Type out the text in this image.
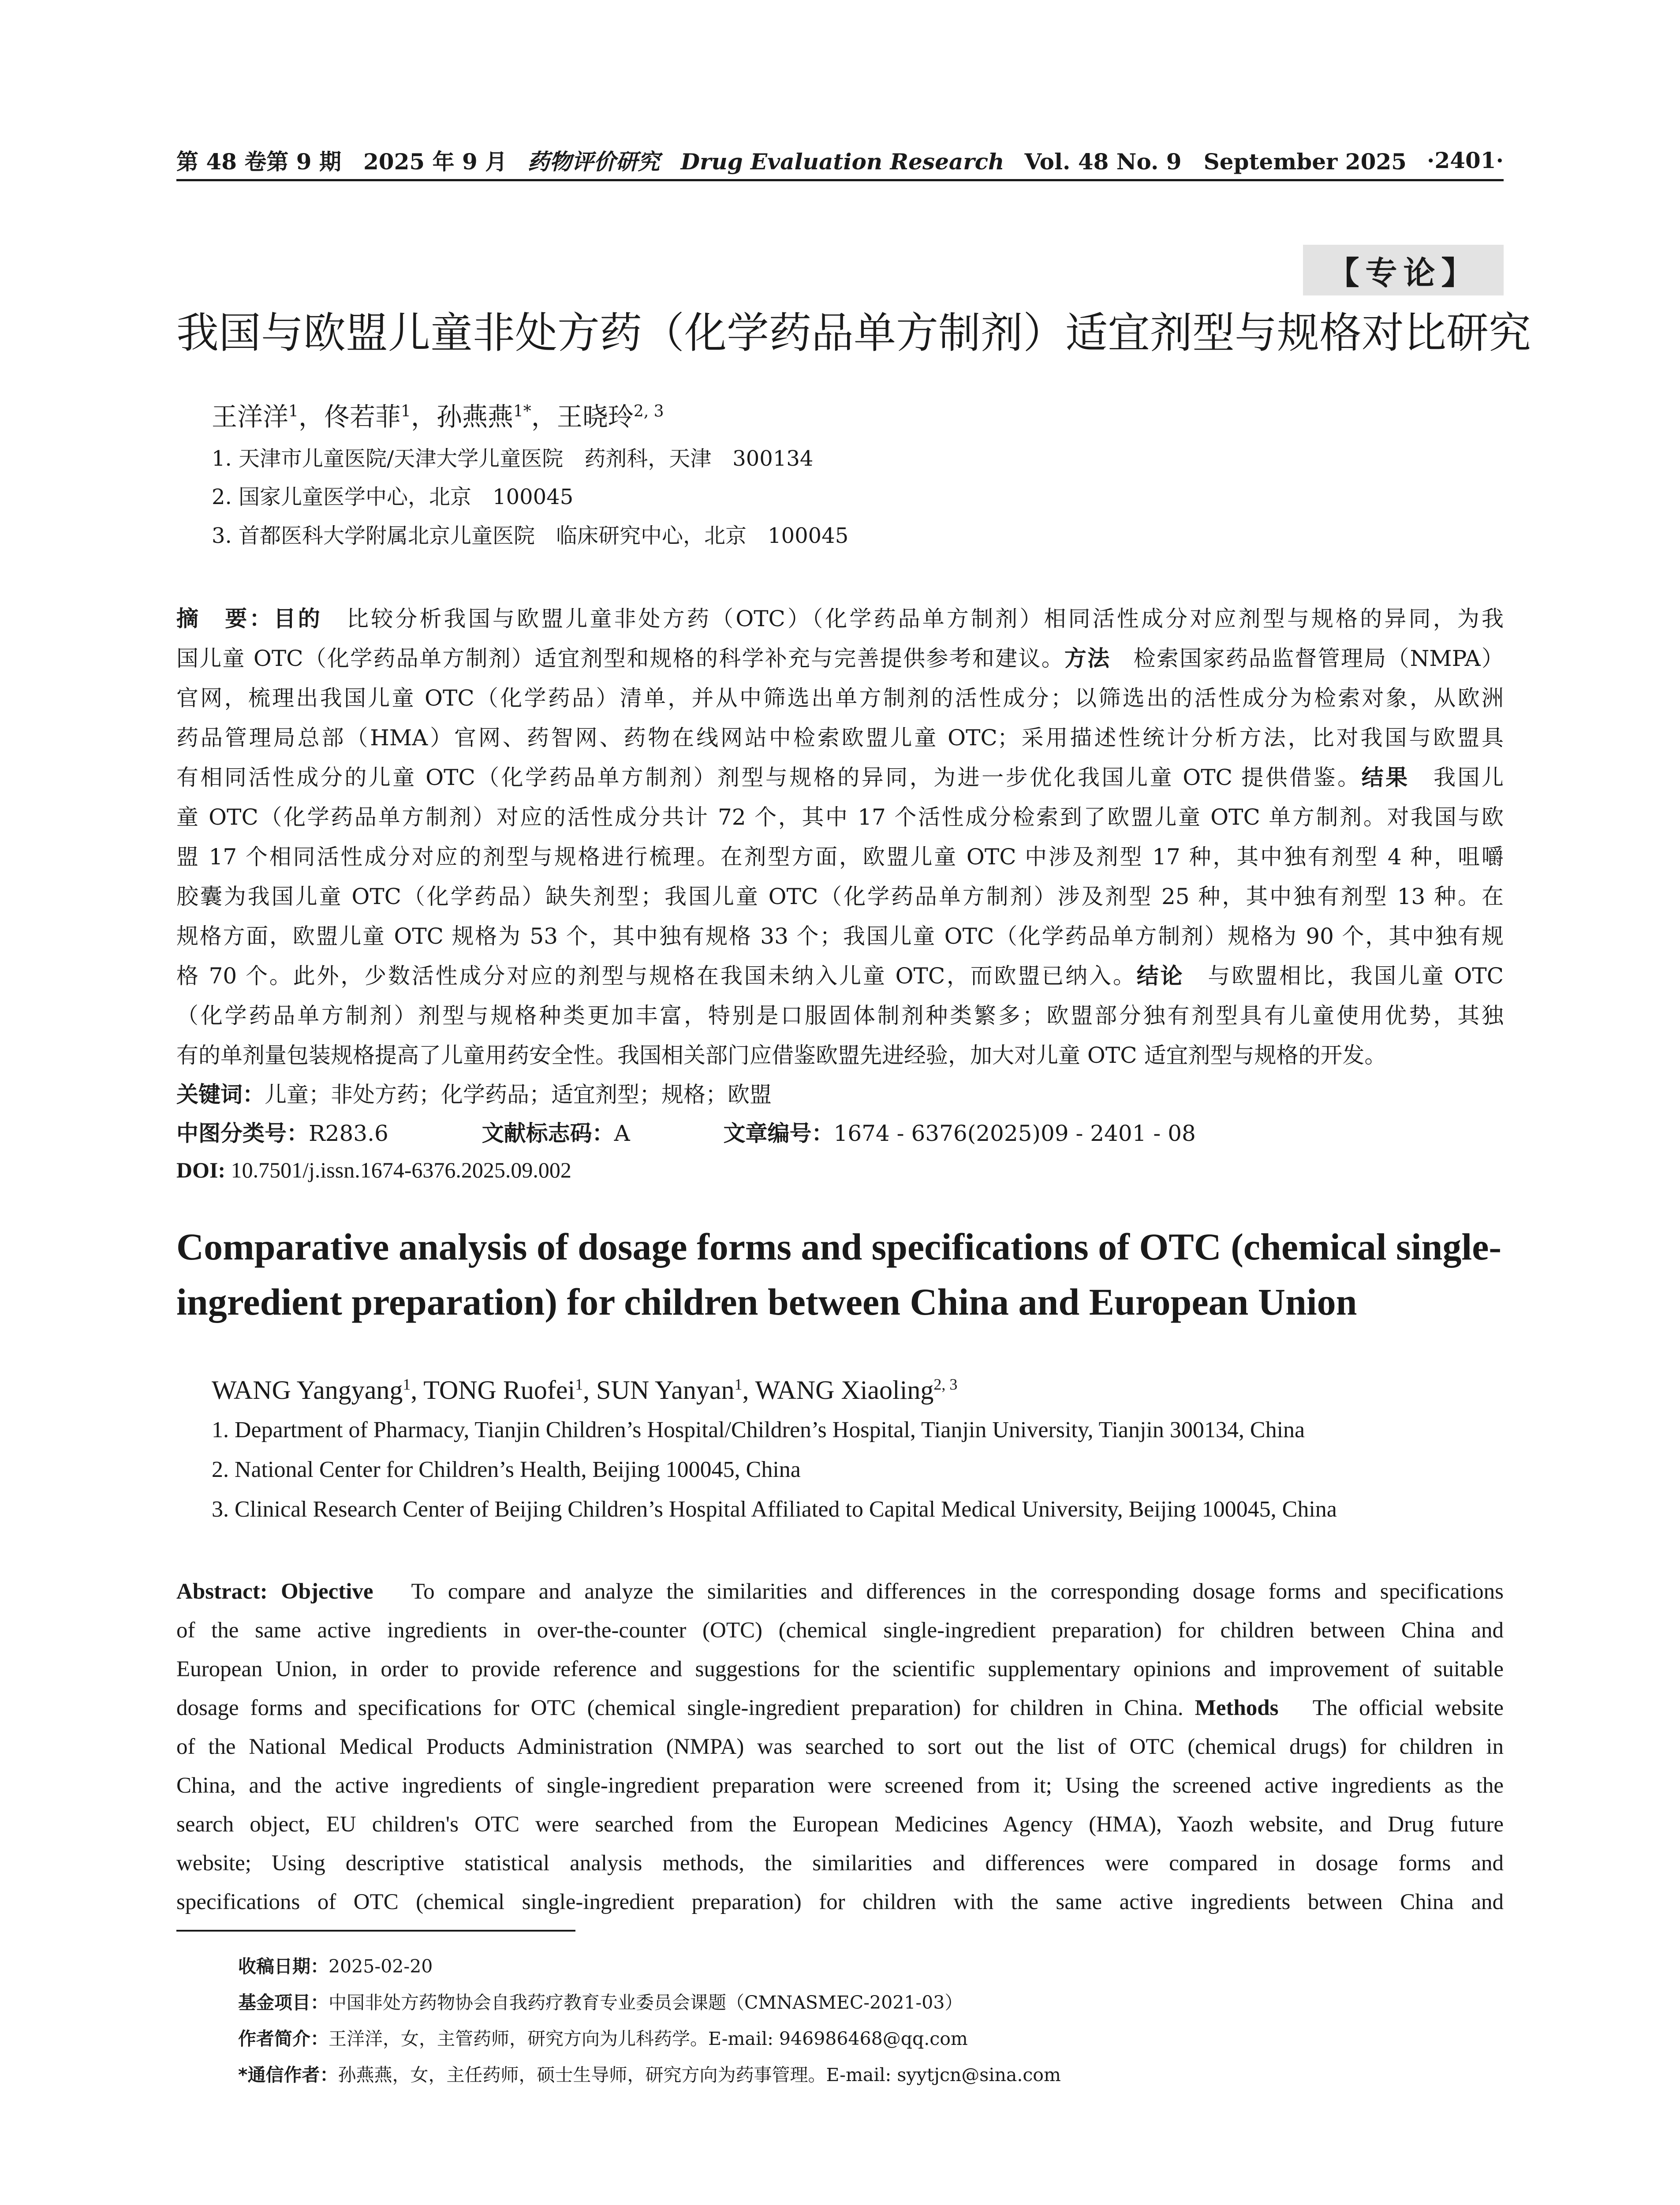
第 48 卷第 9 期　2025 年 9 月 药物评价研究 Drug Evaluation Research Vol. 48 No. 9　September 2025 ·2401·
【专论】
我国与欧盟儿童非处方药（化学药品单方制剂）适宜剂型与规格对比研究
王洋洋$^1$，佟若菲$^1$，孙燕燕$^{1*}$，王晓玲$^{2, 3}$
1. 天津市儿童医院/天津大学儿童医院　药剂科，天津　300134
2. 国家儿童医学中心，北京　100045
3. 首都医科大学附属北京儿童医院　临床研究中心，北京　100045
摘　要：目的　比较分析我国与欧盟儿童非处方药（OTC）（化学药品单方制剂）相同活性成分对应剂型与规格的异同，为我
国儿童 OTC（化学药品单方制剂）适宜剂型和规格的科学补充与完善提供参考和建议。方法　检索国家药品监督管理局（NMPA）
官网，梳理出我国儿童 OTC（化学药品）清单，并从中筛选出单方制剂的活性成分；以筛选出的活性成分为检索对象，从欧洲
药品管理局总部（HMA）官网、药智网、药物在线网站中检索欧盟儿童 OTC；采用描述性统计分析方法，比对我国与欧盟具
有相同活性成分的儿童 OTC（化学药品单方制剂）剂型与规格的异同，为进一步优化我国儿童 OTC 提供借鉴。结果　我国儿
童 OTC（化学药品单方制剂）对应的活性成分共计 72 个，其中 17 个活性成分检索到了欧盟儿童 OTC 单方制剂。对我国与欧
盟 17 个相同活性成分对应的剂型与规格进行梳理。在剂型方面，欧盟儿童 OTC 中涉及剂型 17 种，其中独有剂型 4 种，咀嚼
胶囊为我国儿童 OTC（化学药品）缺失剂型；我国儿童 OTC（化学药品单方制剂）涉及剂型 25 种，其中独有剂型 13 种。在
规格方面，欧盟儿童 OTC 规格为 53 个，其中独有规格 33 个；我国儿童 OTC（化学药品单方制剂）规格为 90 个，其中独有规
格 70 个。此外，少数活性成分对应的剂型与规格在我国未纳入儿童 OTC，而欧盟已纳入。结论　与欧盟相比，我国儿童 OTC
（化学药品单方制剂）剂型与规格种类更加丰富，特别是口服固体制剂种类繁多；欧盟部分独有剂型具有儿童使用优势，其独
有的单剂量包装规格提高了儿童用药安全性。我国相关部门应借鉴欧盟先进经验，加大对儿童 OTC 适宜剂型与规格的开发。
关键词：儿童；非处方药；化学药品；适宜剂型；规格；欧盟
中图分类号：R283.6	文献标志码：A	文章编号：1674 - 6376(2025)09 - 2401 - 08
DOI: 10.7501/j.issn.1674-6376.2025.09.002
Comparative analysis of dosage forms and specifications of OTC (chemical single-ingredient preparation) for children between China and European Union
WANG Yangyang$^1$, TONG Ruofei$^1$, SUN Yanyan$^1$, WANG Xiaoling$^{2, 3}$
1. Department of Pharmacy, Tianjin Children’s Hospital/Children’s Hospital, Tianjin University, Tianjin 300134, China
2. National Center for Children’s Health, Beijing 100045, China
3. Clinical Research Center of Beijing Children’s Hospital Affiliated to Capital Medical University, Beijing 100045, China
Abstract: Objective　To compare and analyze the similarities and differences in the corresponding dosage forms and specifications
of the same active ingredients in over-the-counter (OTC) (chemical single-ingredient preparation) for children between China and
European Union, in order to provide reference and suggestions for the scientific supplementary opinions and improvement of suitable
dosage forms and specifications for OTC (chemical single-ingredient preparation) for children in China. Methods　The official website
of the National Medical Products Administration (NMPA) was searched to sort out the list of OTC (chemical drugs) for children in
China, and the active ingredients of single-ingredient preparation were screened from it; Using the screened active ingredients as the
search object, EU children's OTC were searched from the European Medicines Agency (HMA), Yaozh website, and Drug future
website; Using descriptive statistical analysis methods, the similarities and differences were compared in dosage forms and
specifications of OTC (chemical single-ingredient preparation) for children with the same active ingredients between China and
收稿日期：2025-02-20
基金项目：中国非处方药物协会自我药疗教育专业委员会课题（CMNASMEC-2021-03）
作者简介：王洋洋，女，主管药师，研究方向为儿科药学。E-mail: 946986468@qq.com
*通信作者：孙燕燕，女，主任药师，硕士生导师，研究方向为药事管理。E-mail: syytjcn@sina.com
